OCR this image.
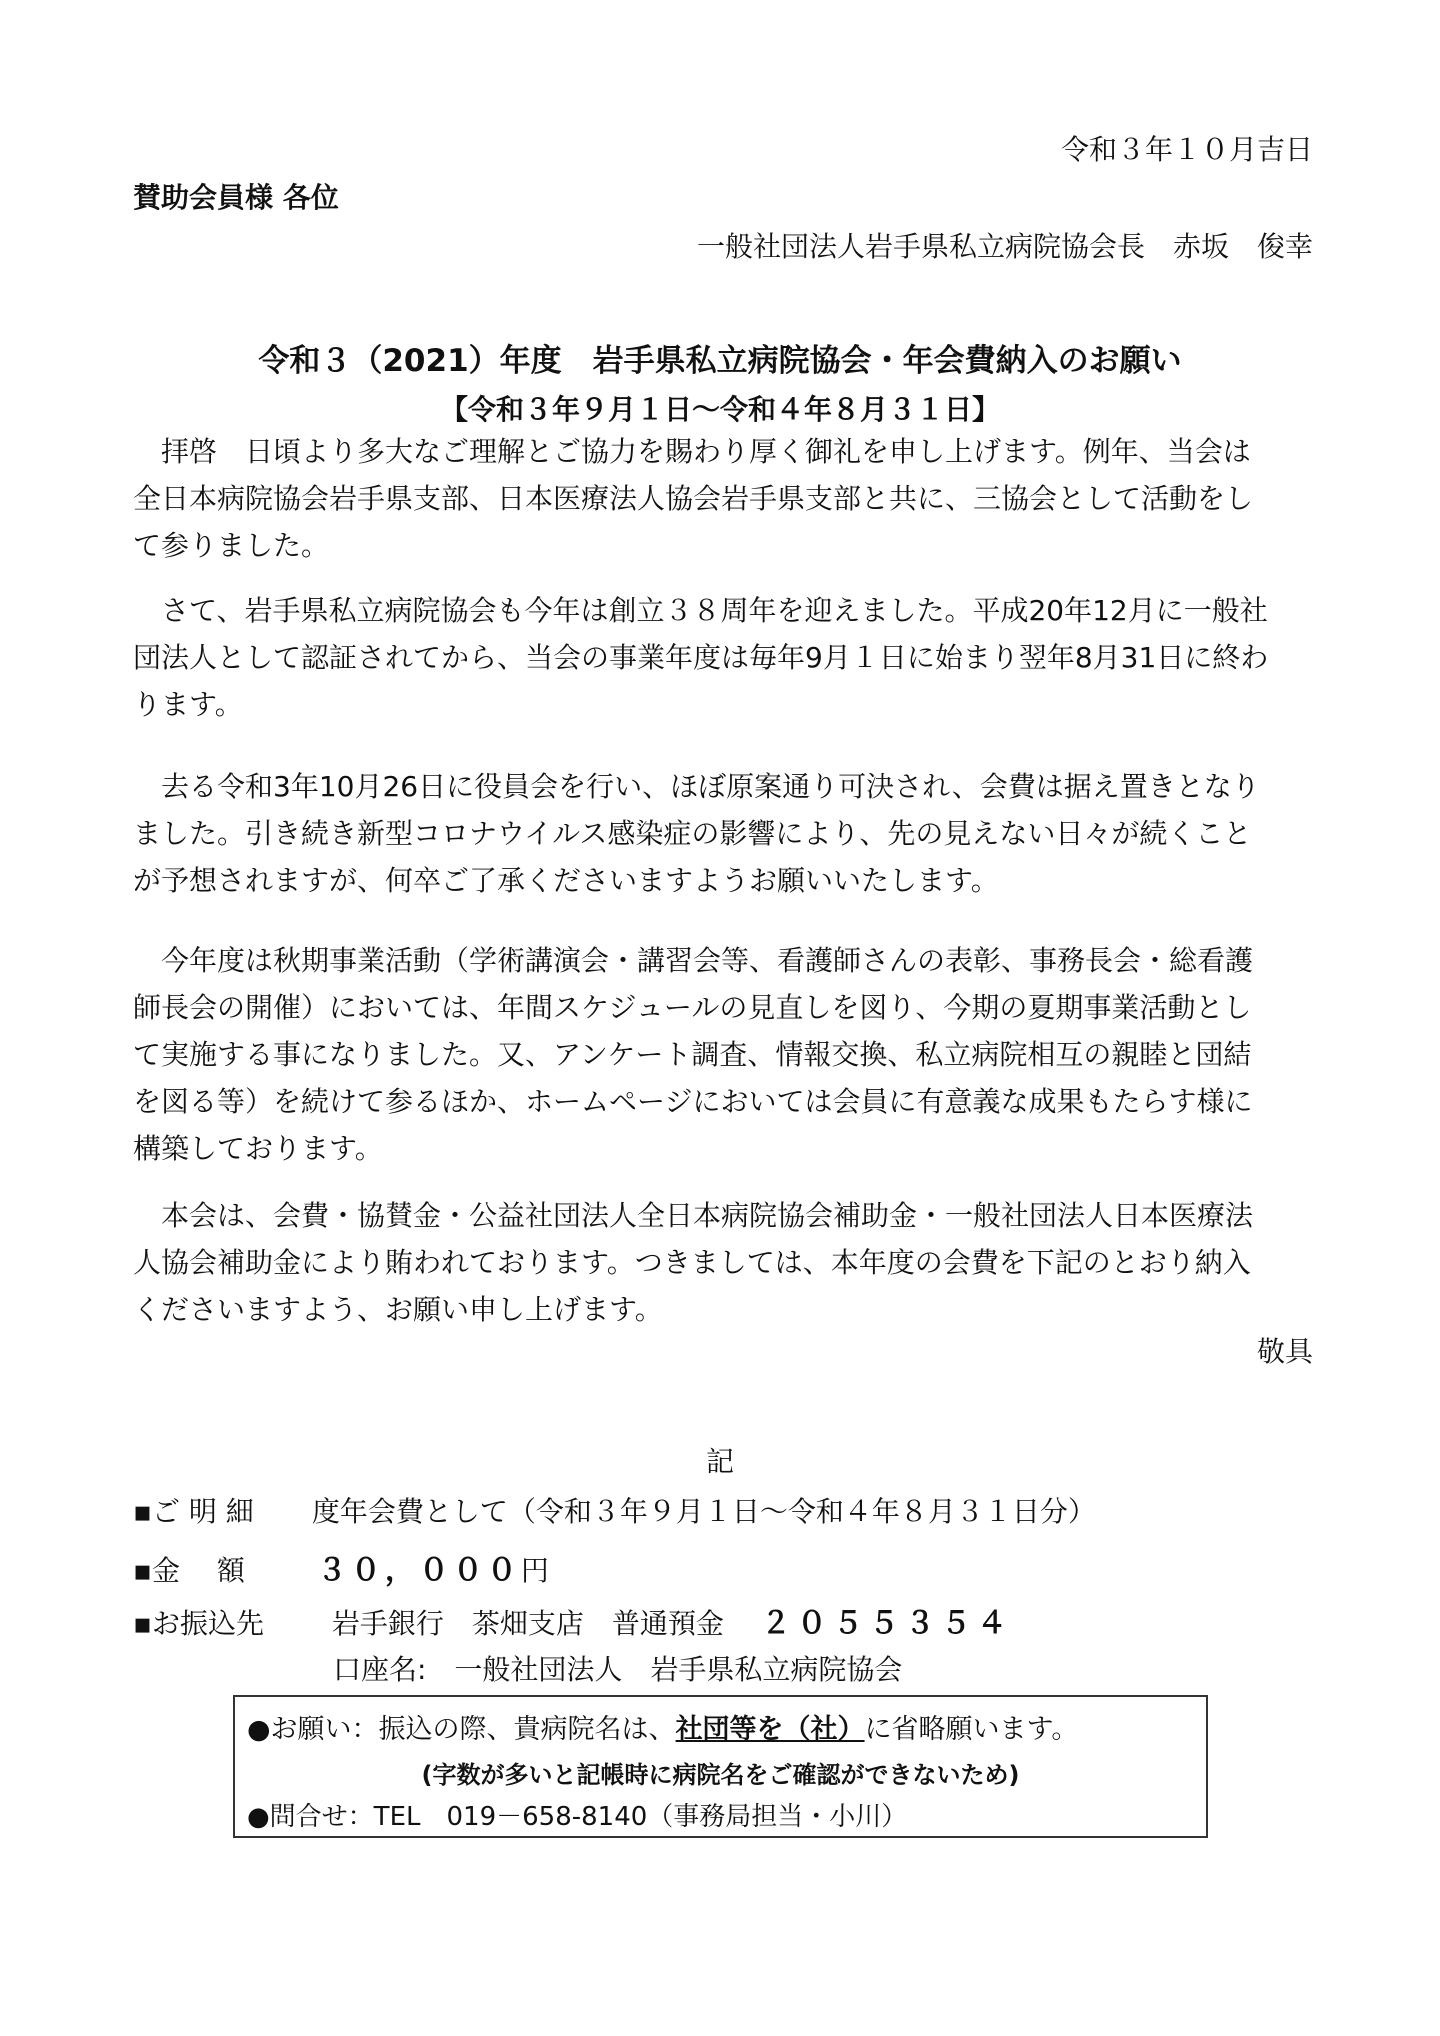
令和３年１０月吉日
賛助会員様 各位
一般社団法人岩手県私立病院協会長　赤坂　俊幸
令和３（2021）年度　岩手県私立病院協会・年会費納入のお願い
【令和３年９月１日〜令和４年８月３１日】
　拝啓　日頃より多大なご理解とご協力を賜わり厚く御礼を申し上げます。例年、当会は
全日本病院協会岩手県支部、日本医療法人協会岩手県支部と共に、三協会として活動をし
て参りました。
　さて、岩手県私立病院協会も今年は創立３８周年を迎えました。平成20年12月に一般社
団法人として認証されてから、当会の事業年度は毎年9月１日に始まり翌年8月31日に終わ
ります。
　去る令和3年10月26日に役員会を行い、ほぼ原案通り可決され、会費は据え置きとなり
ました。引き続き新型コロナウイルス感染症の影響により、先の見えない日々が続くこと
が予想されますが、何卒ご了承くださいますようお願いいたします。
　今年度は秋期事業活動（学術講演会・講習会等、看護師さんの表彰、事務長会・総看護
師長会の開催）においては、年間スケジュールの見直しを図り、今期の夏期事業活動とし
て実施する事になりました。又、アンケート調査、情報交換、私立病院相互の親睦と団結
を図る等）を続けて参るほか、ホームページにおいては会員に有意義な成果もたらす様に
構築しております。
　本会は、会費・協賛金・公益社団法人全日本病院協会補助金・一般社団法人日本医療法
人協会補助金により賄われております。つきましては、本年度の会費を下記のとおり納入
くださいますよう、お願い申し上げます。
敬具
記
▪ご 明 細 度年会費として（令和３年９月１日〜令和４年８月３１日分）
▪金　 額 ３０，０００円
▪お振込先 岩手銀行　茶畑支店　普通預金 ２０５５３５４
口座名:　一般社団法人　岩手県私立病院協会
●お願い：振込の際、貴病院名は、社団等を（社）に省略願います。
(字数が多いと記帳時に病院名をご確認ができないため)
●問合せ：TEL　019－658-8140（事務局担当・小川）
